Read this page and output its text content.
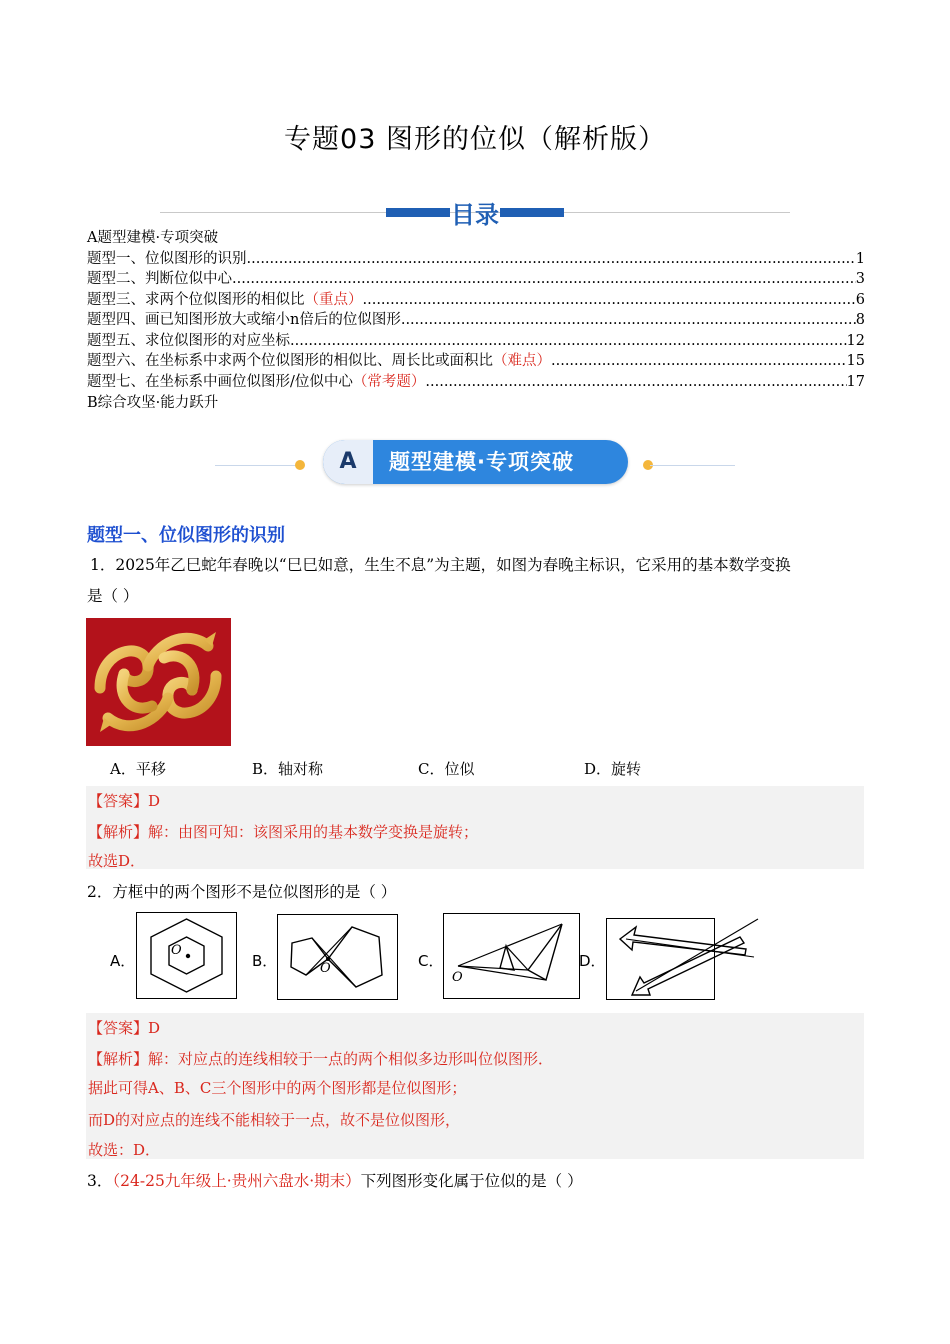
专题03 图形的位似（解析版）
目录
A题型建模·专项突破
题型一、位似图形的识别 .....	1
题型二、判断位似中心 .....	3
题型三、求两个位似图形的相似比 （重点） .....	6
题型四、画已知图形放大或缩小n倍后的位似图形 .....	8
题型五、求位似图形的对应坐标 .....	12
题型六、在坐标系中求两个位似图形的相似比、周长比或面积比 （难点） .....	15
题型七、在坐标系中画位似图形/位似中心 （常考题） .....	17
B综合攻坚·能力跃升
A	题型建模·专项突破
题型一、位似图形的识别
1．2025年乙巳蛇年春晚以“巳巳如意，生生不息”为主题，如图为春晚主标识，它采用的基本数学变换
是（ ）
A．平移	B．轴对称	C．位似	D．旋转
【答案】D
【解析】解：由图可知：该图采用的基本数学变换是旋转；
故选D．
2．方框中的两个图形不是位似图形的是（ ）
A．
O
B．	O	C．
O
D．
【答案】D
【解析】解：对应点的连线相较于一点的两个相似多边形叫位似图形．
据此可得A、B、C三个图形中的两个图形都是位似图形；
而D的对应点的连线不能相较于一点，故不是位似图形，
故选：D．
3．（24-25九年级上·贵州六盘水·期末）下列图形变化属于位似的是（ ）
